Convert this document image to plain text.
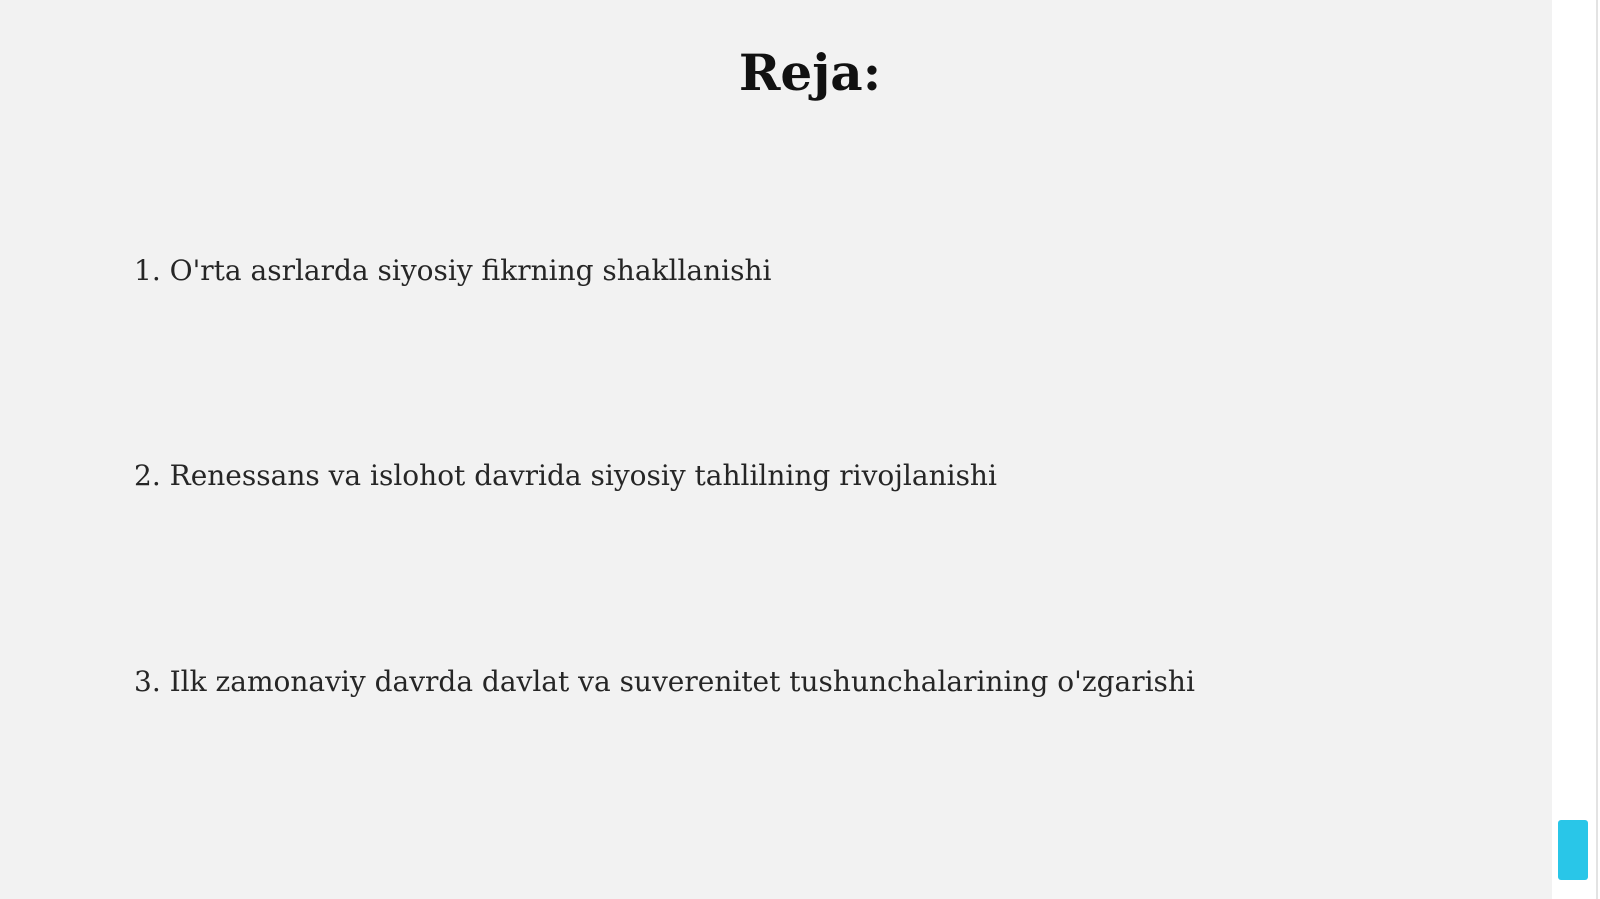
Reja:
1. O'rta asrlarda siyosiy fikrning shakllanishi
2. Renessans va islohot davrida siyosiy tahlilning rivojlanishi
3. Ilk zamonaviy davrda davlat va suverenitet tushunchalarining o'zgarishi
